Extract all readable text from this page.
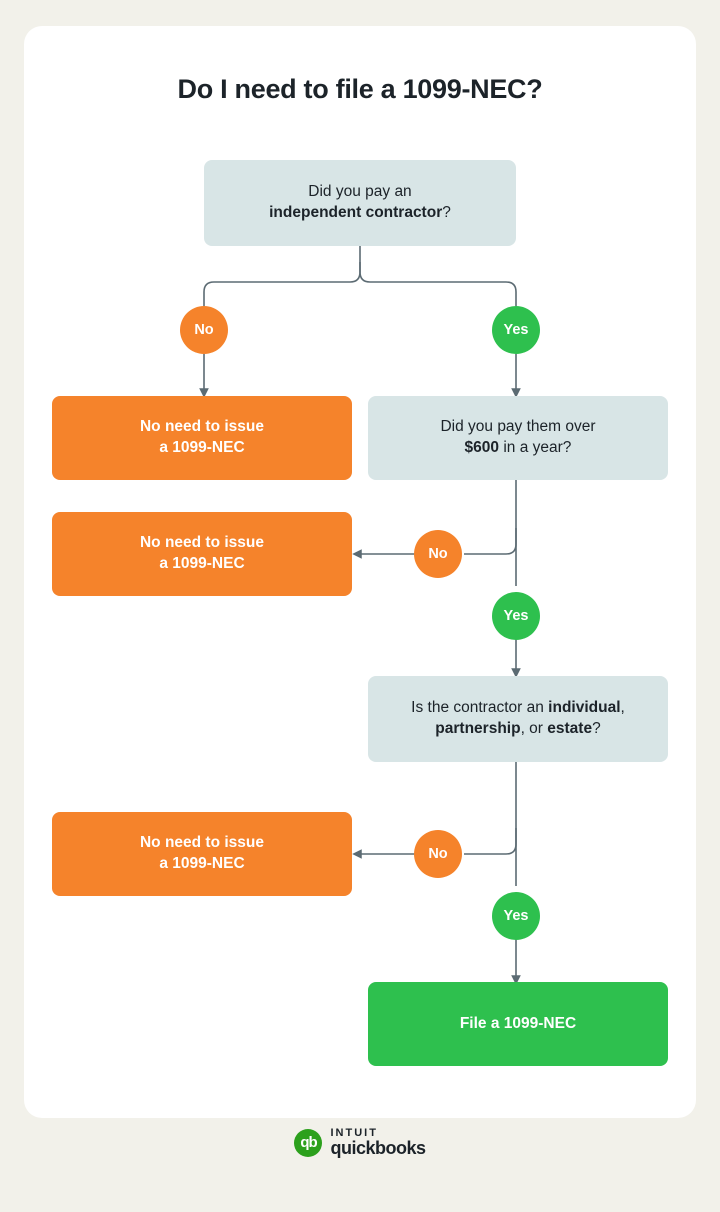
Do I need to file a 1099-NEC?
Did you pay an
independent contractor?
No	Yes
No need to issue
a 1099-NEC
Did you pay them over
$600 in a year?
No need to issue
a 1099-NEC
No
Yes
Is the contractor an individual,
partnership, or estate?
No need to issue
a 1099-NEC
No
Yes
File a 1099-NEC
qb
INTUIT
quickbooks
